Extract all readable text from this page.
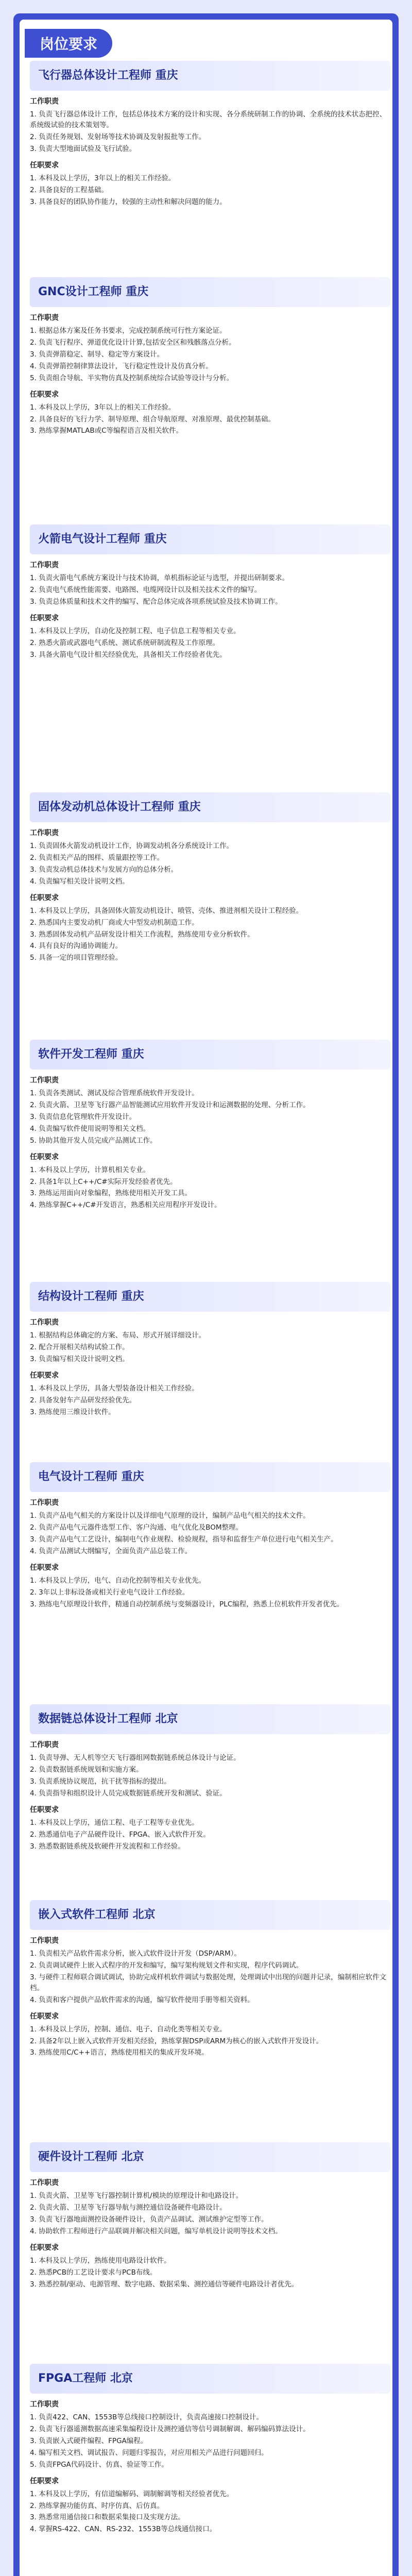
岗位要求
飞行器总体设计工程师 重庆
工作职责
1. 负责飞行器总体设计工作，包括总体技术方案的设计和实现、各分系统研制工作的协调、全系统的技术状态把控、系统级试验的技术策划等。
2. 负责任务规划、发射场等技术协调及发射报批等工作。
3. 负责大型地面试验及飞行试验。
任职要求
1. 本科及以上学历，3年以上的相关工作经验。
2. 具备良好的工程基础。
3. 具备良好的团队协作能力，较强的主动性和解决问题的能力。
GNC设计工程师 重庆
工作职责
1. 根据总体方案及任务书要求，完成控制系统可行性方案论证。
2. 负责飞行程序、弹道优化设计计算,包括安全区和残骸落点分析。
3. 负责弹箭稳定、制导、稳定等方案设计。
4. 负责弹箭控制律算法设计，飞行稳定性设计及仿真分析。
5. 负责组合导航、半实物仿真及控制系统综合试验等设计与分析。
任职要求
1. 本科及以上学历，3年以上的相关工作经验。
2. 具备良好的飞行力学、制导原理、组合导航原理、对准原理、最优控制基础。
3. 熟练掌握MATLAB或C等编程语言及相关软件。
火箭电气设计工程师 重庆
工作职责
1. 负责火箭电气系统方案设计与技术协调，单机指标论证与选型，并提出研制要求。
2. 负责电气系统性能需要、电路图、电缆网设计以及相关技术文件的编写。
3. 负责总体质量和技术文件的编写、配合总体完成各项系统试验及技术协调工作。
任职要求
1. 本科及以上学历，自动化及控制工程、电子信息工程等相关专业。
2. 熟悉火箭或武器电气系统、测试系统研制流程及工作原理。
3. 具备火箭电气设计相关经验优先，具备相关工作经验者优先。
固体发动机总体设计工程师 重庆
工作职责
1. 负责固体火箭发动机设计工作，协调发动机各分系统设计工作。
2. 负责相关产品的图样、质量跟控等工作。
3. 负责发动机总体技术与发展方向的总体分析。
4. 负责编写相关设计说明文档。
任职要求
1. 本科及以上学历，具备固体火箭发动机设计、喷管、壳体、推进剂相关设计工程经验。
2. 熟悉国内主要发动机厂商或大中型发动机制造工作。
3. 熟悉固体发动机产品研发设计相关工作流程，熟练使用专业分析软件。
4. 具有良好的沟通协调能力。
5. 具备一定的项目管理经验。
软件开发工程师 重庆
工作职责
1. 负责各类测试、测试及综合管理系统软件开发设计。
2. 负责火箭、卫星等飞行器产品智能测试应用软件开发设计和运测数据的处理、分析工作。
3. 负责信息化管理软件开发设计。
4. 负责编写软件使用说明等相关文档。
5. 协助其他开发人员完成产品测试工作。
任职要求
1. 本科及以上学历，计算机相关专业。
2. 具备1年以上C++/C#实际开发经验者优先。
3. 熟练运用面向对象编程，熟练使用相关开发工具。
4. 熟练掌握C++/C#开发语言，熟悉相关应用程序开发设计。
结构设计工程师 重庆
工作职责
1. 根据结构总体确定的方案、布局、形式开展详细设计。
2. 配合开展相关结构试验工作。
3. 负责编写相关设计说明文档。
任职要求
1. 本科及以上学历，具备大型装备设计相关工作经验。
2. 具备发射车产品研发经验优先。
3. 熟练使用三维设计软件。
电气设计工程师 重庆
工作职责
1. 负责产品电气相关的方案设计以及详细电气原理的设计，编制产品电气相关的技术文件。
2. 负责产品电气元器件选型工作、客户沟通、电气优化及BOM整理。
3. 负责产品电气工艺设计，编制电气作业规程、检验规程，指导和监督生产单位进行电气相关生产。
4. 负责产品测试大纲编写，全面负责产品总装工作。
任职要求
1. 本科及以上学历，电气、自动化控制等相关专业优先。
2. 3年以上非标设备或相关行业电气设计工作经验。
3. 熟练电气原理设计软件，精通自动控制系统与变频器设计，PLC编程，熟悉上位机软件开发者优先。
数据链总体设计工程师 北京
工作职责
1. 负责导弹、无人机等空天飞行器组网数据链系统总体设计与论证。
2. 负责数据链系统规划和实施方案。
3. 负责系统协议规范，抗干扰等指标的提出。
4. 负责指导和组织设计人员完成数据链系统开发和测试、验证。
任职要求
1. 本科及以上学历，通信工程、电子工程等专业优先。
2. 熟悉通信电子产品硬件设计、FPGA、嵌入式软件开发。
3. 熟悉数据链系统及软硬件开发流程和工作经验。
嵌入式软件工程师 北京
工作职责
1. 负责相关产品软件需求分析，嵌入式软件设计开发（DSP/ARM）。
2. 负责调试硬件上嵌入式程序的开发和编写，编写架构规划文件和实现，程序代码调试。
3. 与硬件工程师联合调试调试，协助完成样机软件调试与数据处理，处理调试中出现的问题并记录，编制相应软件文档。
4. 负责和客户提供产品软件需求的沟通，编写软件使用手册等相关资料。
任职要求
1. 本科及以上学历，控制、通信、电子、自动化类等相关专业。
2. 具备2年以上嵌入式软件开发相关经验，熟练掌握DSP或ARM为核心的嵌入式软件开发设计。
3. 熟练使用C/C++语言，熟练使用相关的集成开发环境。
硬件设计工程师 北京
工作职责
1. 负责火箭、卫星等飞行器控制计算机/模块的原理设计和电路设计。
2. 负责火箭、卫星等飞行器导航与测控通信设备硬件电路设计。
3. 负责飞行器地面测控设备硬件设计，负责产品调试、测试维护定型等工作。
4. 协助软件工程师进行产品联调并解决相关问题，编写单机设计说明等技术文档。
任职要求
1. 本科及以上学历，熟练使用电路设计软件。
2. 熟悉PCB的工艺设计要求与PCB布线。
3. 熟悉控制/驱动、电源管理、数字电路、数据采集、测控通信等硬件电路设计者优先。
FPGA工程师 北京
工作职责
1. 负责422、CAN、1553B等总线接口控制设计，负责高速接口控制设计。
2. 负责飞行器遥测数据高速采集编程设计及测控通信等信号调制解调、解码编码算法设计。
3. 负责嵌入式硬件编程、FPGA编程。
4. 编写相关文档、调试报告、问题归零报告，对应用相关产品进行问题回归。
5. 负责FPGA代码设计、仿真、验证等工作。
任职要求
1. 本科及以上学历，有信道编解码、调制解调等相关经验者优先。
2. 熟练掌握功能仿真、时序仿真、后仿真。
3. 熟悉常用通信接口和数据采集接口及实现方法。
4. 掌握RS-422、CAN、RS-232、1553B等总线通信接口。
